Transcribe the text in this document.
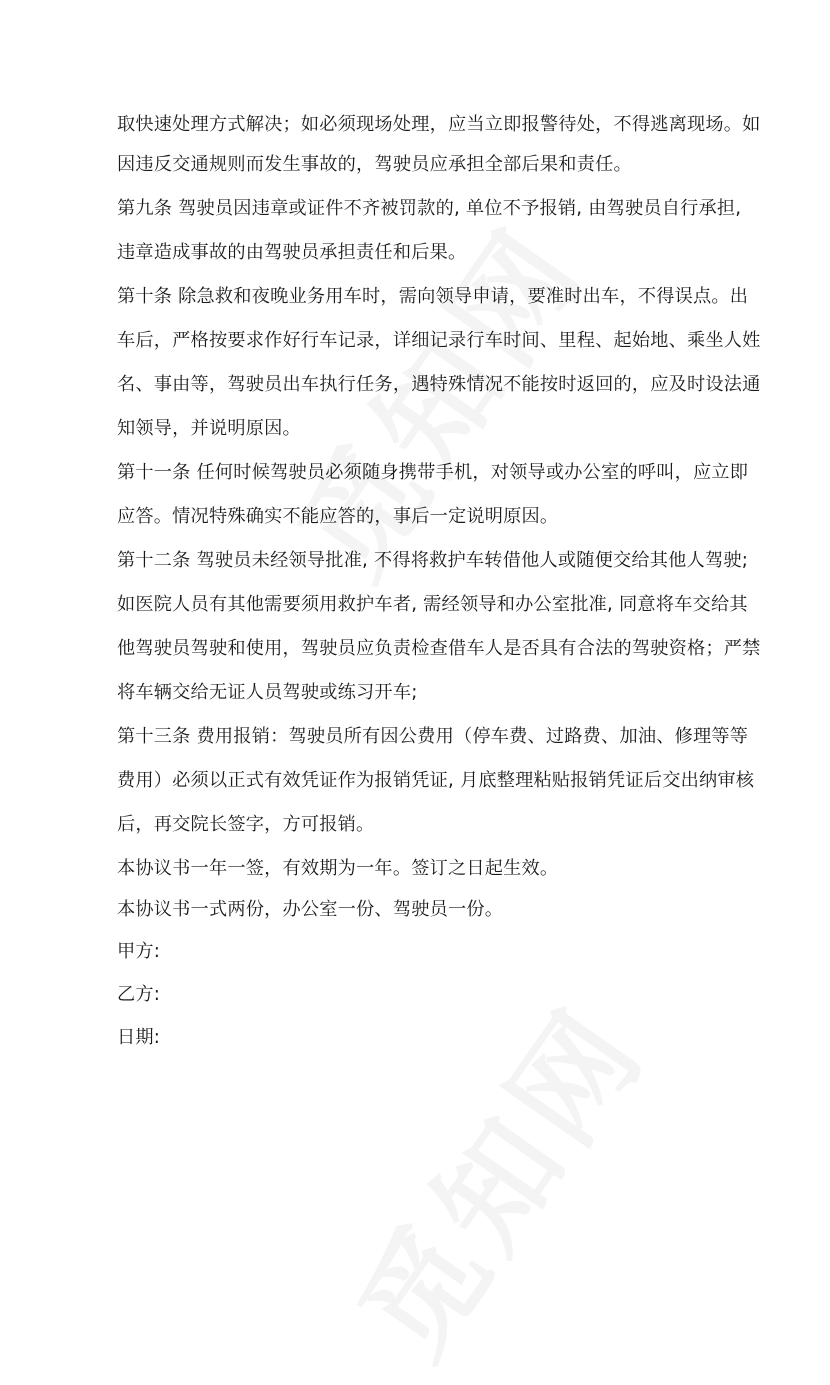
取快速处理方式解决；如必须现场处理，应当立即报警待处，不得逃离现场。如
因违反交通规则而发生事故的，驾驶员应承担全部后果和责任。
第九条 驾驶员因违章或证件不齐被罚款的, 单位不予报销, 由驾驶员自行承担,
违章造成事故的由驾驶员承担责任和后果。
第十条 除急救和夜晚业务用车时，需向领导申请，要准时出车，不得误点。出
车后，严格按要求作好行车记录，详细记录行车时间、里程、起始地、乘坐人姓
名、事由等，驾驶员出车执行任务，遇特殊情况不能按时返回的，应及时设法通
知领导，并说明原因。
第十一条 任何时候驾驶员必须随身携带手机，对领导或办公室的呼叫，应立即
应答。情况特殊确实不能应答的，事后一定说明原因。
第十二条 驾驶员未经领导批准, 不得将救护车转借他人或随便交给其他人驾驶;
如医院人员有其他需要须用救护车者, 需经领导和办公室批准, 同意将车交给其
他驾驶员驾驶和使用，驾驶员应负责检查借车人是否具有合法的驾驶资格；严禁
将车辆交给无证人员驾驶或练习开车;
第十三条 费用报销：驾驶员所有因公费用（停车费、过路费、加油、修理等等
费用）必须以正式有效凭证作为报销凭证, 月底整理粘贴报销凭证后交出纳审核
后，再交院长签字，方可报销。
本协议书一年一签，有效期为一年。签订之日起生效。
本协议书一式两份，办公室一份、驾驶员一份。
甲方:
乙方:
日期:
